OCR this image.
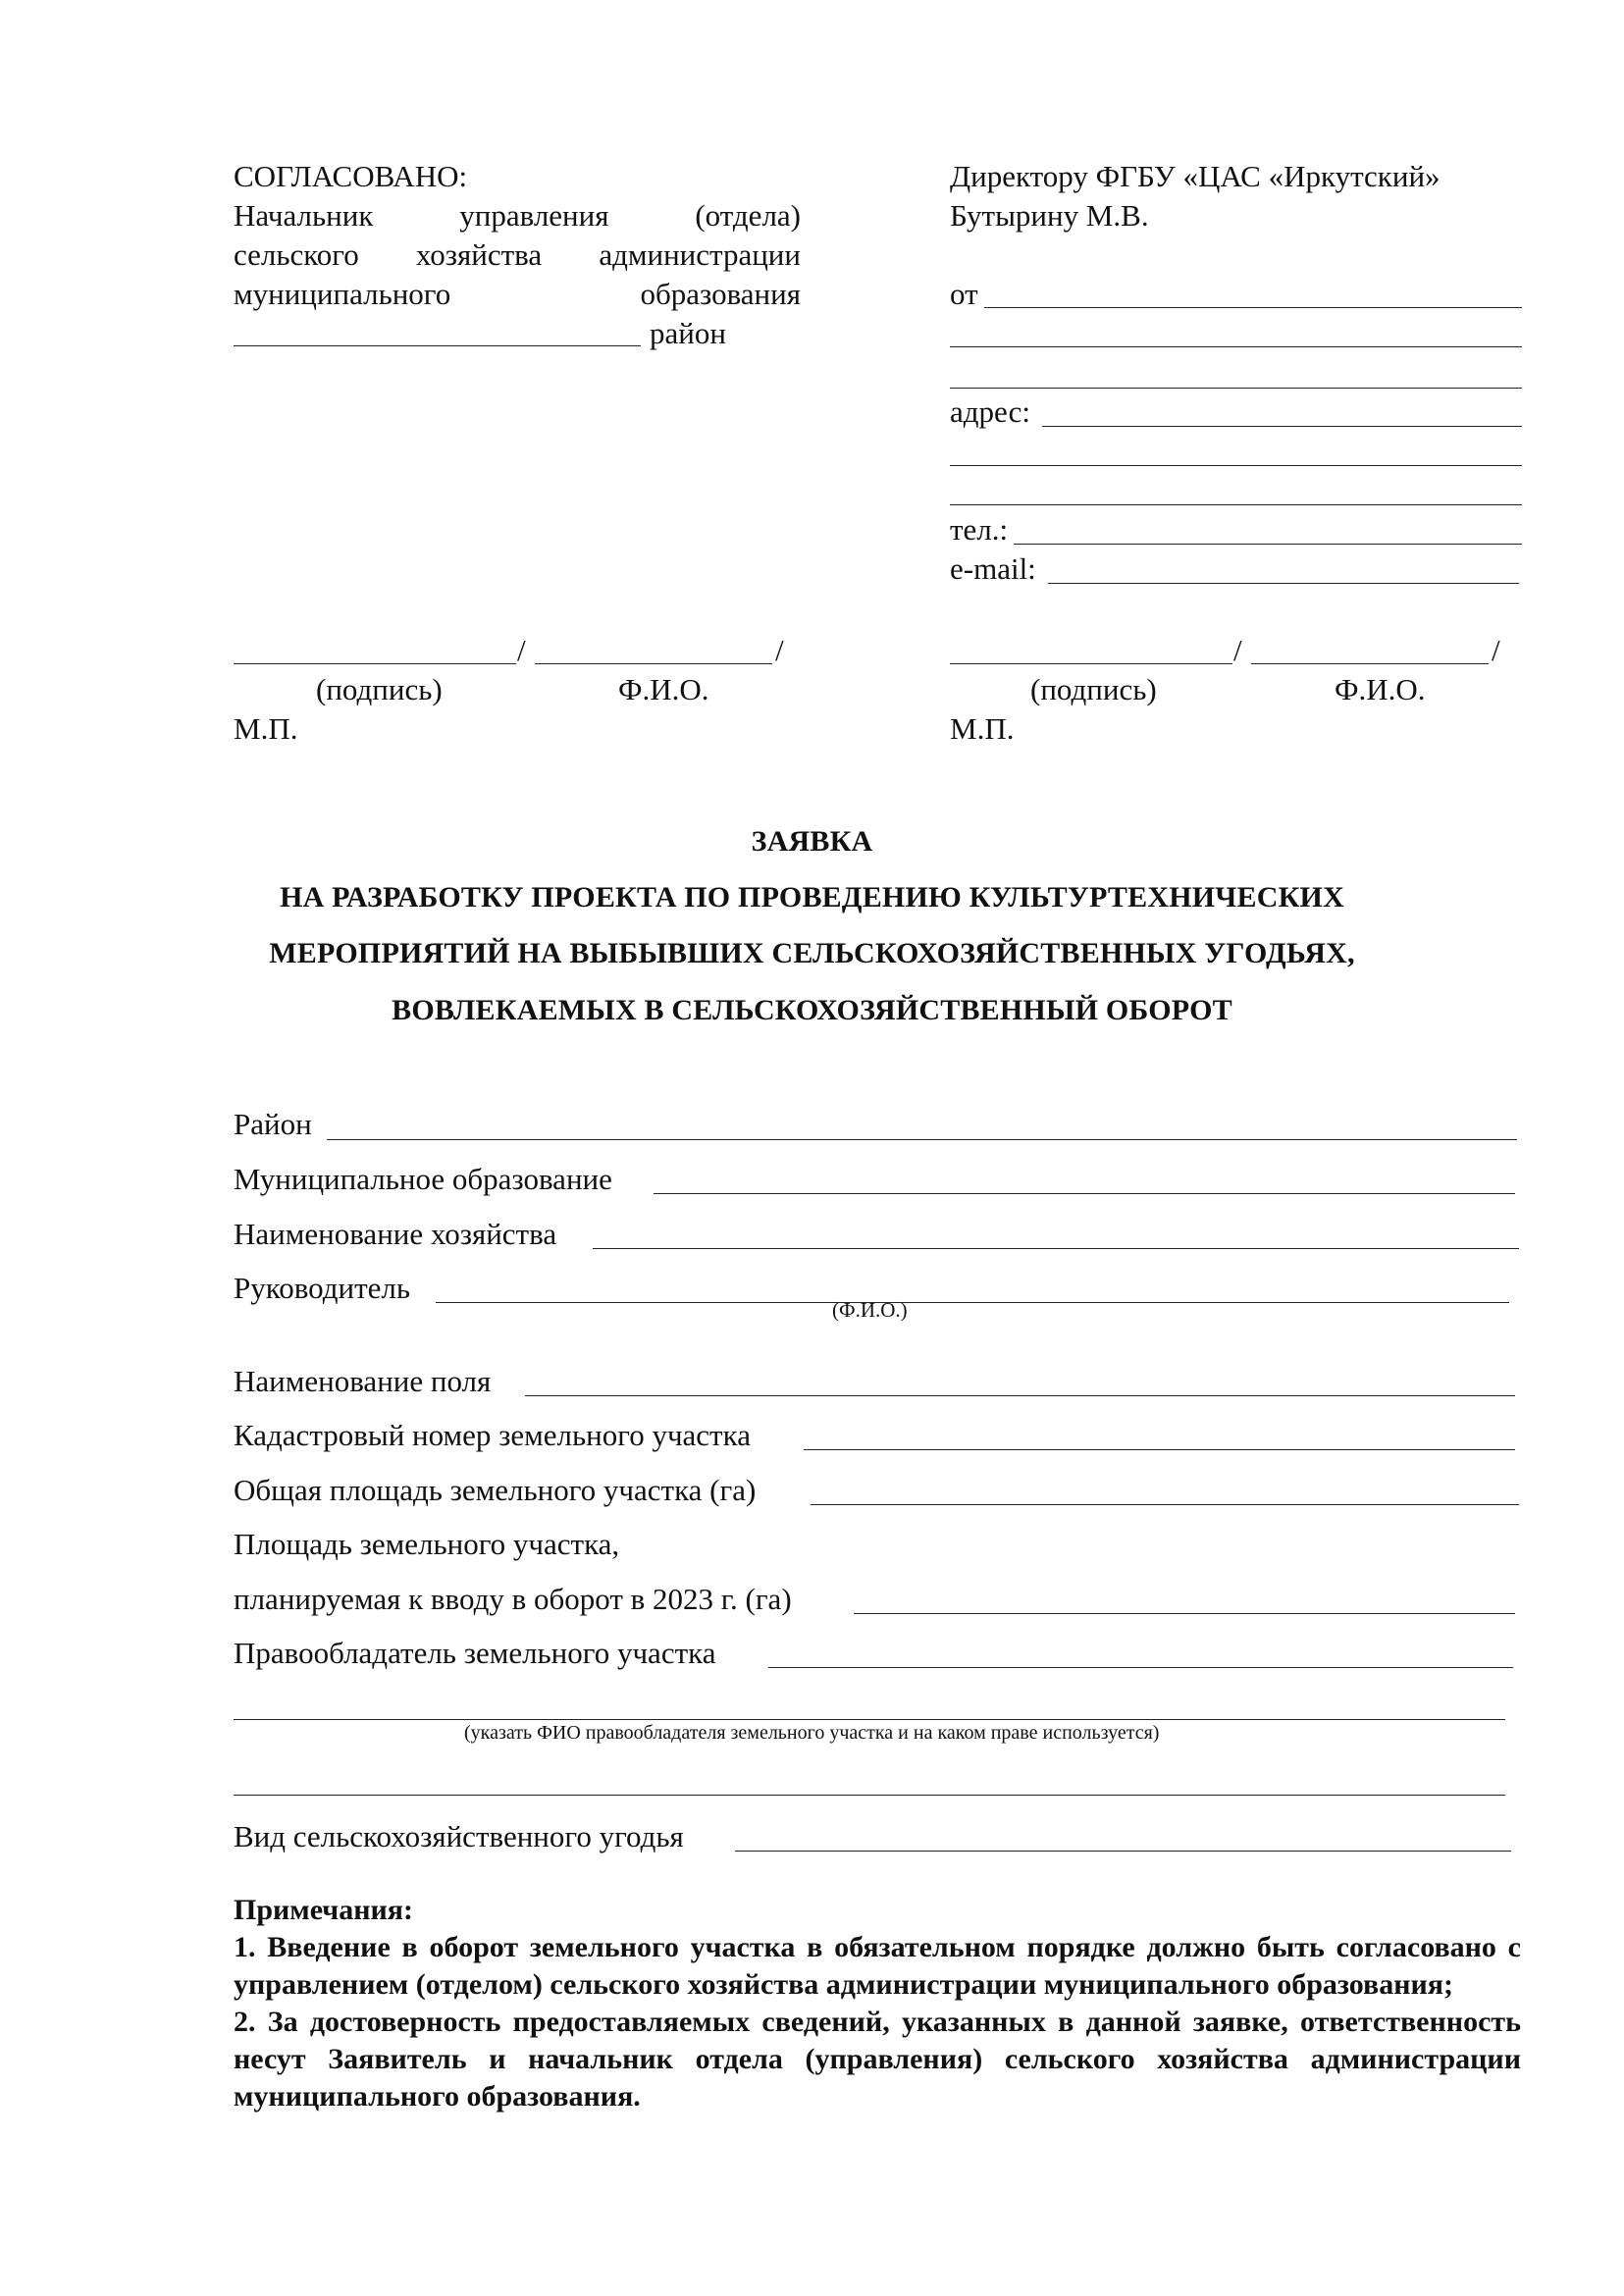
СОГЛАСОВАНО:
Начальник управления (отдела)
сельского хозяйства администрации
муниципального образования
район
/	/
(подпись)	Ф.И.О.
М.П.
Директору ФГБУ «ЦАС «Иркутский»
Бутырину М.В.
от
адрес:
тел.:
e-mail:
/	/
(подпись)	Ф.И.О.
М.П.
ЗАЯВКА
НА РАЗРАБОТКУ ПРОЕКТА ПО ПРОВЕДЕНИЮ КУЛЬТУРТЕХНИЧЕСКИХ
МЕРОПРИЯТИЙ НА ВЫБЫВШИХ СЕЛЬСКОХОЗЯЙСТВЕННЫХ УГОДЬЯХ,
ВОВЛЕКАЕМЫХ В СЕЛЬСКОХОЗЯЙСТВЕННЫЙ ОБОРОТ
Район
Муниципальное образование
Наименование хозяйства
Руководитель
(Ф.И.О.)
Наименование поля
Кадастровый номер земельного участка
Общая площадь земельного участка (га)
Площадь земельного участка,
планируемая к вводу в оборот в 2023 г. (га)
Правообладатель земельного участка
(указать ФИО правообладателя земельного участка и на каком праве используется)
Вид сельскохозяйственного угодья

Примечания:

1. Введение в оборот земельного участка в обязательном порядке должно быть согласовано с управлением (отделом) сельского хозяйства администрации муниципального образования;

2. За достоверность предоставляемых сведений, указанных в данной заявке, ответственность несут Заявитель и начальник отдела (управления) сельского хозяйства администрации муниципального образования.
